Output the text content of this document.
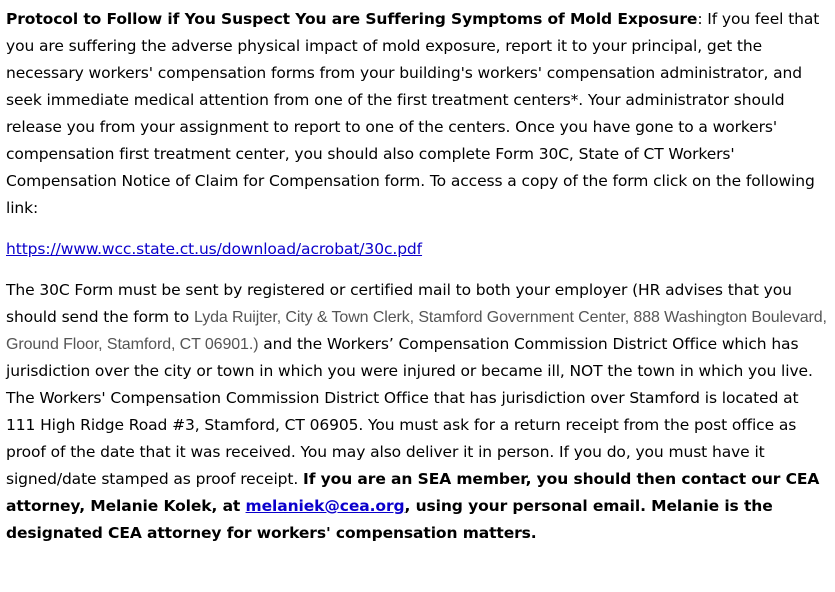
Protocol to Follow if You Suspect You are Suffering Symptoms of Mold Exposure: If you feel that you are suffering the adverse physical impact of mold exposure, report it to your principal, get the necessary workers' compensation forms from your building's workers' compensation administrator, and seek immediate medical attention from one of the first treatment centers*. Your administrator should release you from your assignment to report to one of the centers. Once you have gone to a workers' compensation first treatment center, you should also complete Form 30C, State of CT Workers' Compensation Notice of Claim for Compensation form. To access a copy of the form click on the following link:

https://www.wcc.state.ct.us/download/acrobat/30c.pdf

The 30C Form must be sent by registered or certified mail to both your employer (HR advises that you should send the form to Lyda Ruijter, City & Town Clerk, Stamford Government Center, 888 Washington Boulevard, Ground Floor, Stamford, CT 06901.) and the Workers’ Compensation Commission District Office which has jurisdiction over the city or town in which you were injured or became ill, NOT the town in which you live. The Workers' Compensation Commission District Office that has jurisdiction over Stamford is located at 111 High Ridge Road #3, Stamford, CT 06905. You must ask for a return receipt from the post office as proof of the date that it was received. You may also deliver it in person. If you do, you must have it signed/date stamped as proof receipt. If you are an SEA member, you should then contact our CEA attorney, Melanie Kolek, at melaniek@cea.org, using your personal email. Melanie is the designated CEA attorney for workers' compensation matters.
